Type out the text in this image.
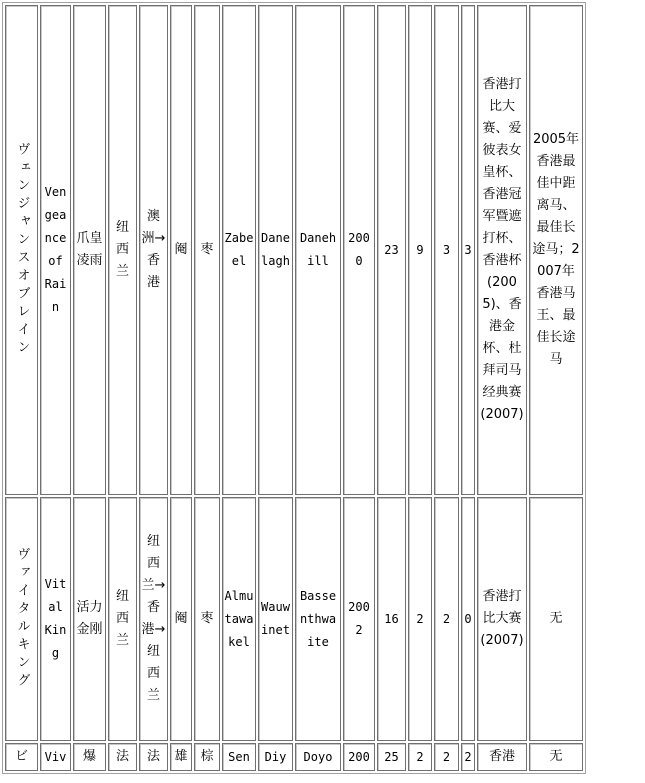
ヴェンジャンスオブレイン	Vengeance of Rain	爪皇凌雨	纽西兰	澳洲→香港	阉	枣	Zabeel	Danelagh	Danehill	2000	23	9	3	3	香港打比大赛、爱彼表女皇杯、香港冠军暨遮打杯、香港杯(2005)、香港金杯、杜拜司马经典赛(2007)	2005年香港最佳中距离马、最佳长途马；2007年香港马王、最佳长途马
ヴァイタルキング	Vital King	活力金刚	纽西兰	纽西兰→香港→纽西兰	阉	枣	Almutawakel	Wauwinet	Bassenthwaite	2002	16	2	2	0	香港打比大赛(2007)	无
ビ	Viv	爆	法	法	雄	棕	Sen	Diy	Doyo	200	25	2	2	2	香港	无
